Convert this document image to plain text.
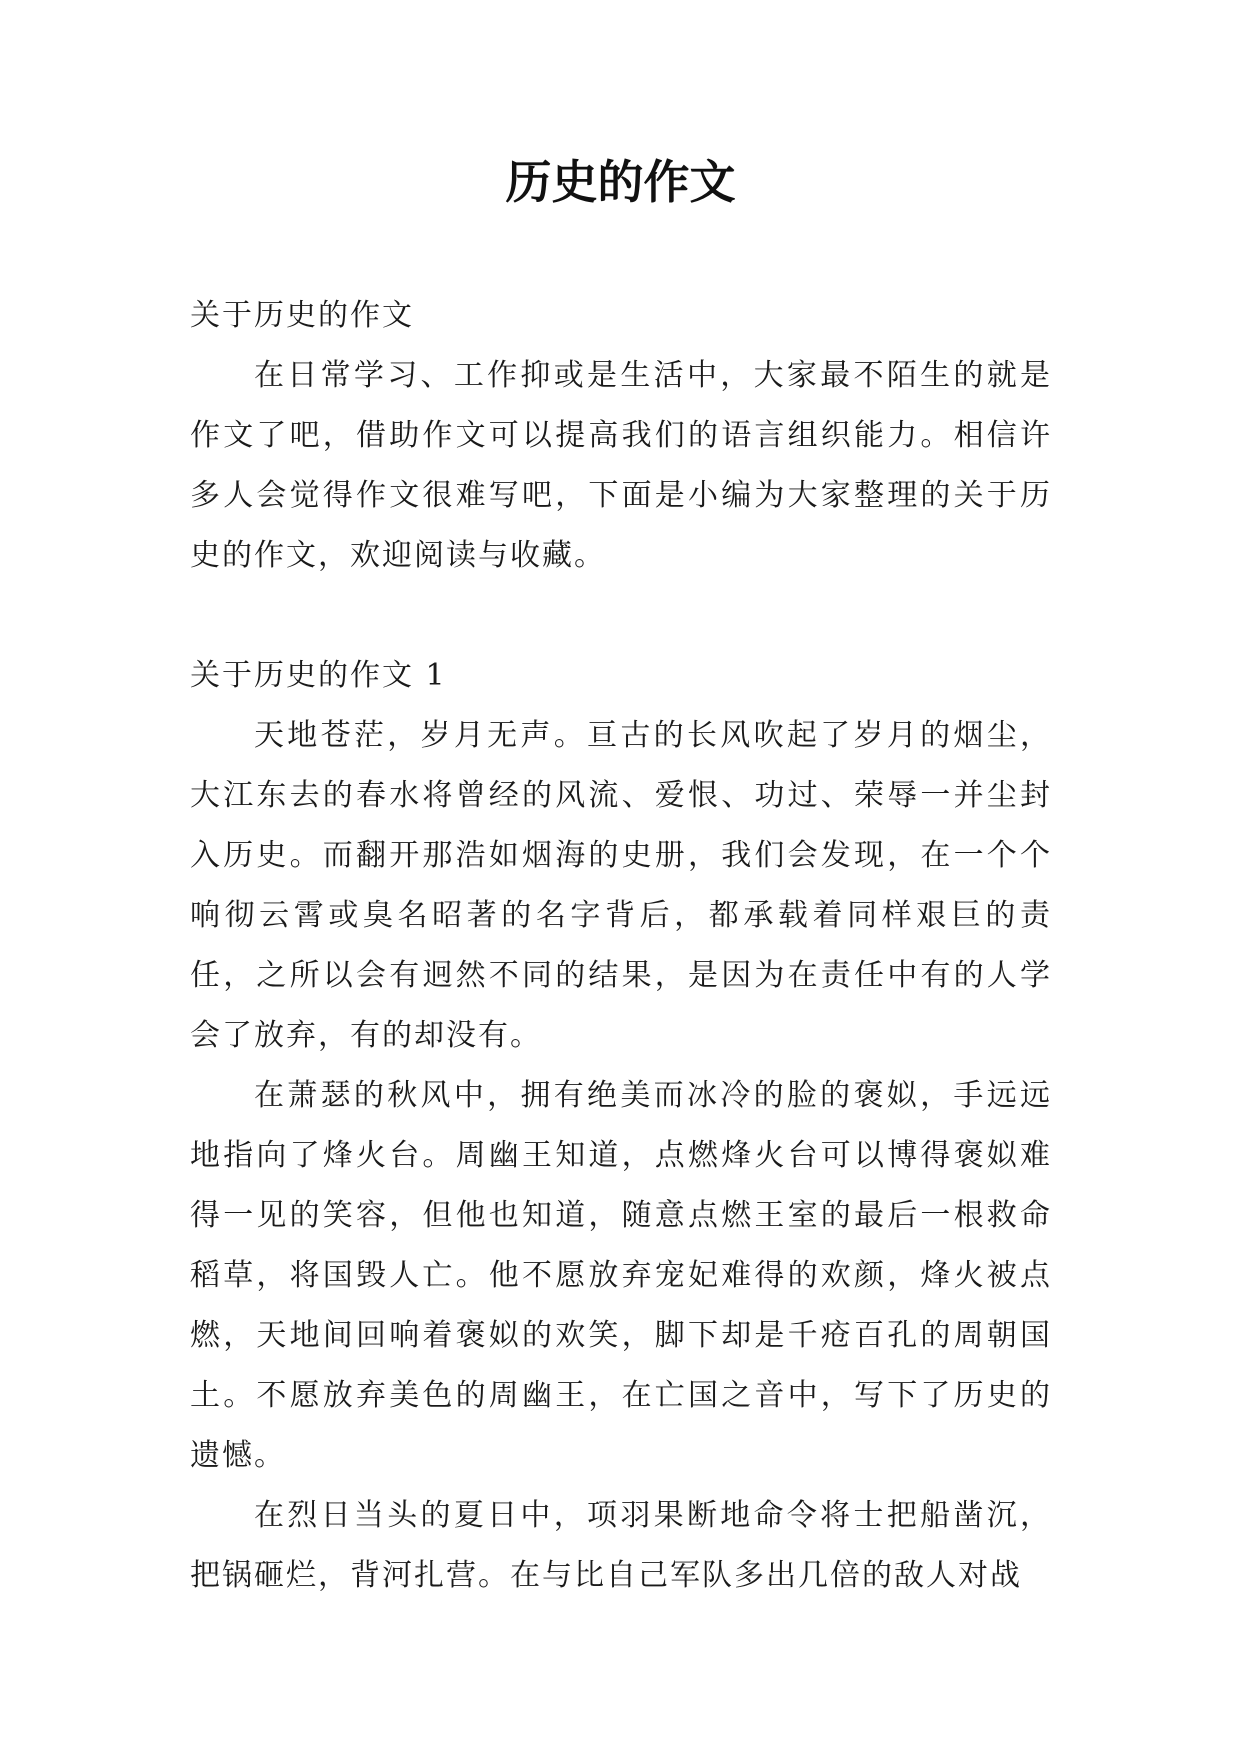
历史的作文

关于历史的作文

在日常学习、工作抑或是生活中，大家最不陌生的就是作文了吧，借助作文可以提高我们的语言组织能力。相信许多人会觉得作文很难写吧，下面是小编为大家整理的关于历史的作文，欢迎阅读与收藏。

关于历史的作文 1

天地苍茫，岁月无声。亘古的长风吹起了岁月的烟尘，大江东去的春水将曾经的风流、爱恨、功过、荣辱一并尘封入历史。而翻开那浩如烟海的史册，我们会发现，在一个个响彻云霄或臭名昭著的名字背后，都承载着同样艰巨的责任，之所以会有迥然不同的结果，是因为在责任中有的人学会了放弃，有的却没有。

在萧瑟的秋风中，拥有绝美而冰冷的脸的褒姒，手远远地指向了烽火台。周幽王知道，点燃烽火台可以博得褒姒难得一见的笑容，但他也知道，随意点燃王室的最后一根救命稻草，将国毁人亡。他不愿放弃宠妃难得的欢颜，烽火被点燃，天地间回响着褒姒的欢笑，脚下却是千疮百孔的周朝国土。不愿放弃美色的周幽王，在亡国之音中，写下了历史的遗憾。

在烈日当头的夏日中，项羽果断地命令将士把船凿沉，把锅砸烂，背河扎营。在与比自己军队多出几倍的敌人对战
